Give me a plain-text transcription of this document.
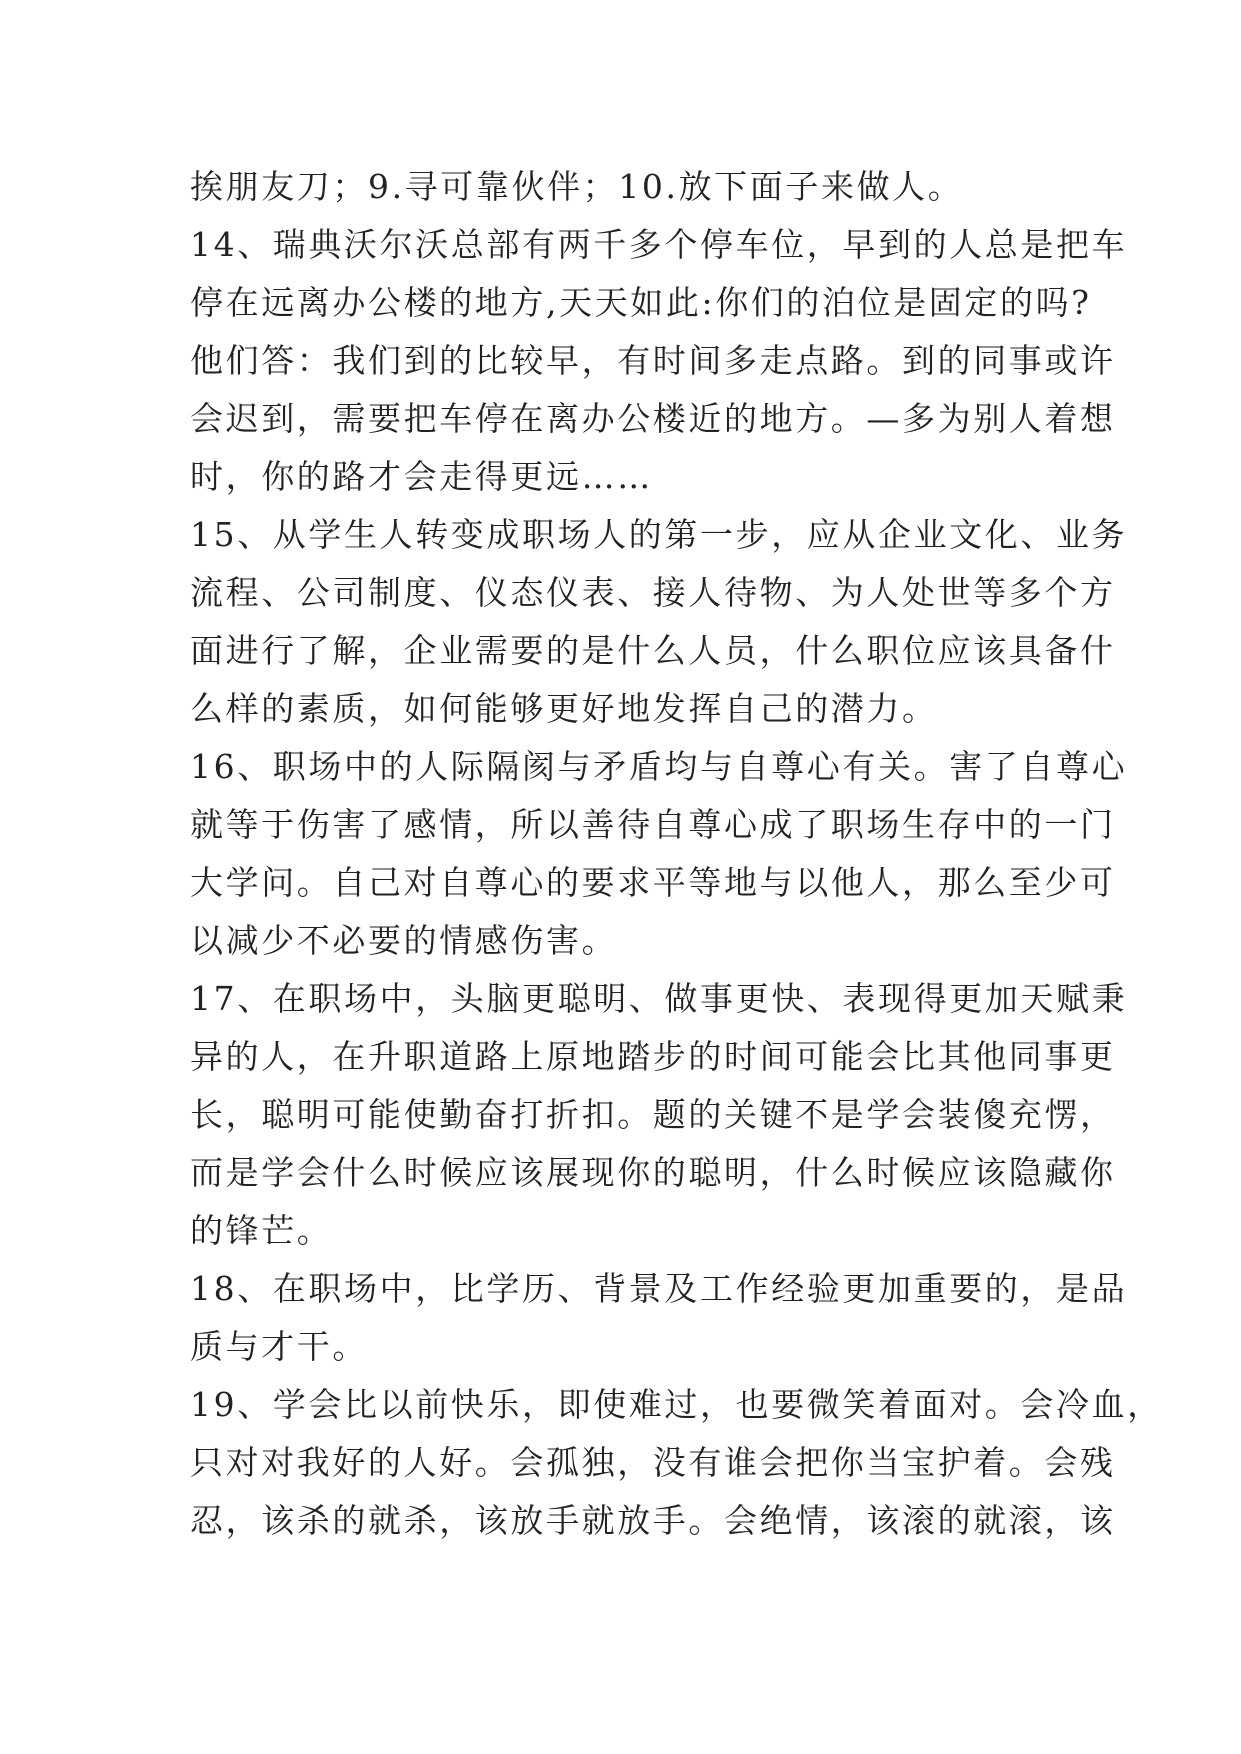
挨朋友刀；9.寻可靠伙伴；10.放下面子来做人。
14、瑞典沃尔沃总部有两千多个停车位，早到的人总是把车
停在远离办公楼的地方,天天如此:你们的泊位是固定的吗?
他们答：我们到的比较早，有时间多走点路。到的同事或许
会迟到，需要把车停在离办公楼近的地方。—多为别人着想
时，你的路才会走得更远……
15、从学生人转变成职场人的第一步，应从企业文化、业务
流程、公司制度、仪态仪表、接人待物、为人处世等多个方
面进行了解，企业需要的是什么人员，什么职位应该具备什
么样的素质，如何能够更好地发挥自己的潜力。
16、职场中的人际隔阂与矛盾均与自尊心有关。害了自尊心
就等于伤害了感情，所以善待自尊心成了职场生存中的一门
大学问。自己对自尊心的要求平等地与以他人，那么至少可
以减少不必要的情感伤害。
17、在职场中，头脑更聪明、做事更快、表现得更加天赋秉
异的人，在升职道路上原地踏步的时间可能会比其他同事更
长，聪明可能使勤奋打折扣。题的关键不是学会装傻充愣，
而是学会什么时候应该展现你的聪明，什么时候应该隐藏你
的锋芒。
18、在职场中，比学历、背景及工作经验更加重要的，是品
质与才干。
19、学会比以前快乐，即使难过，也要微笑着面对。会冷血，
只对对我好的人好。会孤独，没有谁会把你当宝护着。会残
忍，该杀的就杀，该放手就放手。会绝情，该滚的就滚，该
